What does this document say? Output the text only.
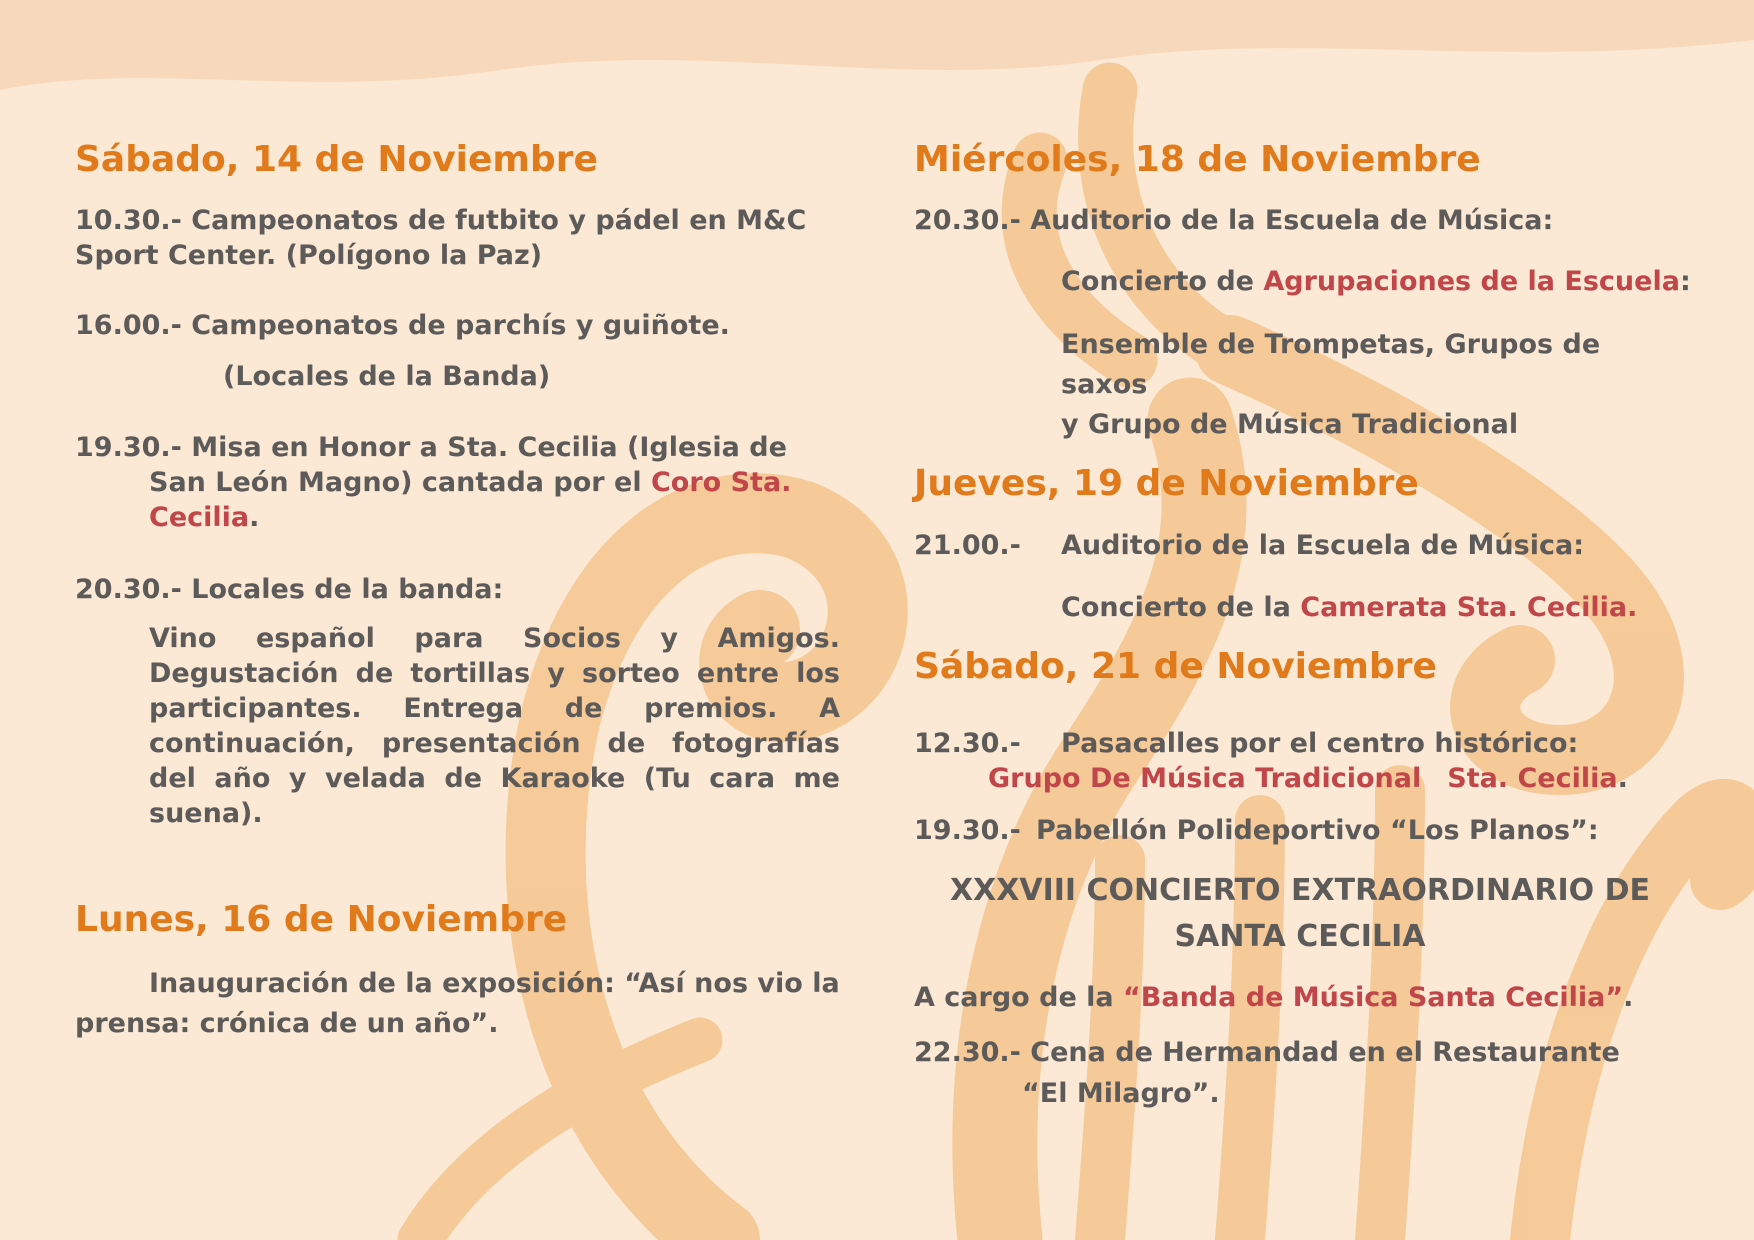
Sábado, 14 de Noviembre

10.30.- Campeonatos de futbito y pádel en M&C Sport Center. (Polígono la Paz)

16.00.- Campeonatos de parchís y guiñote.

(Locales de la Banda)

19.30.- Misa en Honor a Sta. Cecilia (Iglesia de San León Magno) cantada por el Coro Sta. Cecilia.

20.30.- Locales de la banda:

Vino español para Socios y Amigos. Degustación de tortillas y sorteo entre los participantes. Entrega de premios. A continuación, presentación de fotografías del año y velada de Karaoke (Tu cara me suena).

Lunes, 16 de Noviembre

Inauguración de la exposición: “Así nos vio la prensa: crónica de un año”.

Miércoles, 18 de Noviembre

20.30.- Auditorio de la Escuela de Música:

Concierto de Agrupaciones de la Escuela:

Ensemble de Trompetas, Grupos de saxos
y Grupo de Música Tradicional

Jueves, 19 de Noviembre

21.00.- Auditorio de la Escuela de Música:

Concierto de la Camerata Sta. Cecilia.

Sábado, 21 de Noviembre

12.30.- Pasacalles por el centro histórico:

Grupo De Música Tradicional Sta. Cecilia.

19.30.- Pabellón Polideportivo “Los Planos”:

XXXVIII CONCIERTO EXTRAORDINARIO DE
SANTA CECILIA

A cargo de la “Banda de Música Santa Cecilia”.

22.30.- Cena de Hermandad en el Restaurante

“El Milagro”.
